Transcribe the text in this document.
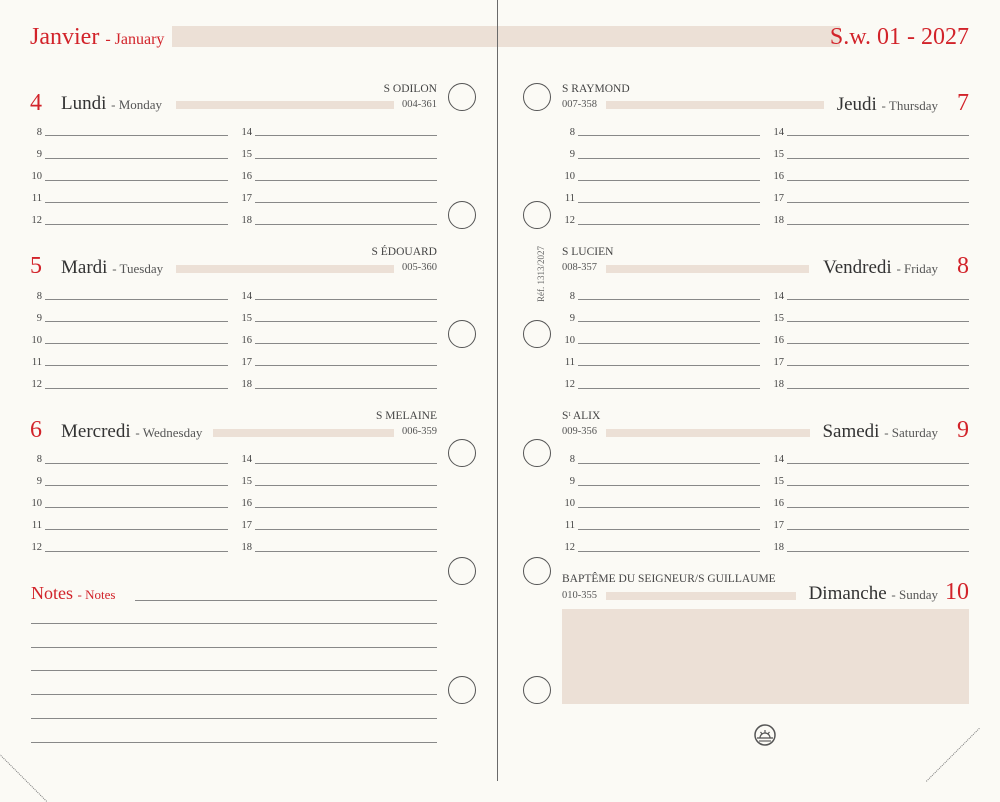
Janvier - January	S.w. 01 - 2027
4 Lundi - Monday
S ODILON
004-361
8
9
10
11
12
14
15
16
17
18
5 Mardi - Tuesday
S ÉDOUARD
005-360
8
9
10
11
12
14
15
16
17
18
6 Mercredi - Wednesday
S MELAINE
006-359
8
9
10
11
12
14
15
16
17
18
Notes - Notes
Réf. 1313/2027
S RAYMOND
007-358	Jeudi - Thursday 7
8
9
10
11
12
14
15
16
17
18
S LUCIEN
008-357	Vendredi - Friday 8
8
9
10
11
12
14
15
16
17
18
Sᵗ ALIX
009-356	Samedi - Saturday 9
8
9
10
11
12
14
15
16
17
18
BAPTÊME DU SEIGNEUR/S GUILLAUME
010-355	Dimanche - Sunday 10
